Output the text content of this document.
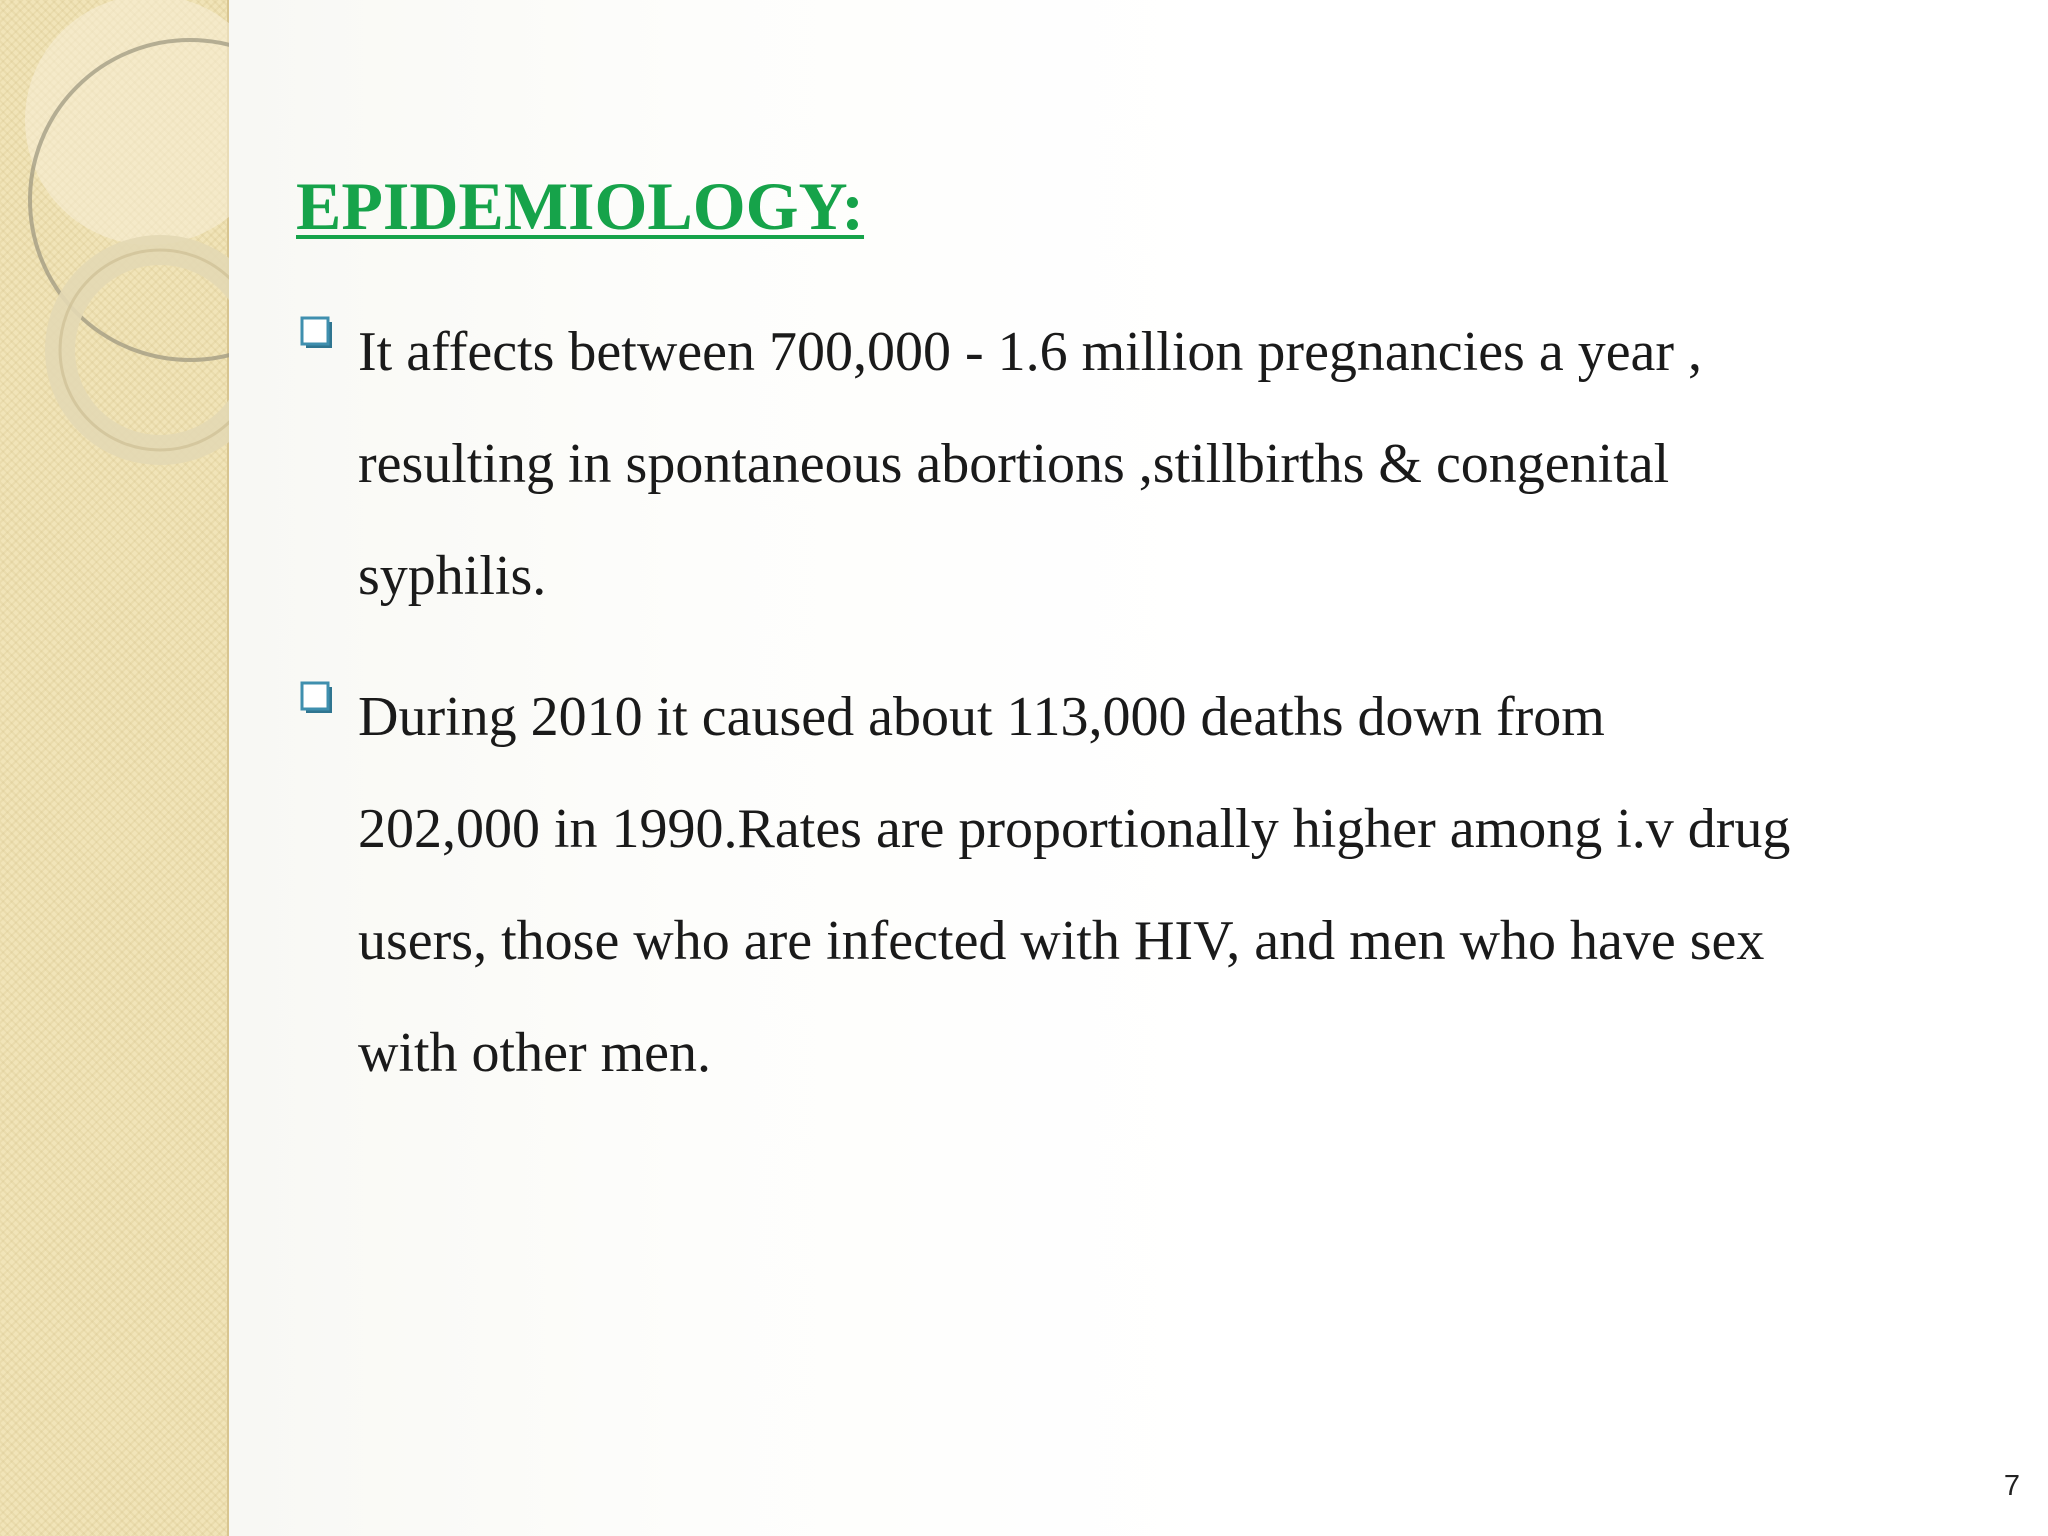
EPIDEMIOLOGY:
It affects between 700,000 - 1.6 million pregnancies a year , resulting in spontaneous abortions ,stillbirths & congenital syphilis.
During 2010 it caused about 113,000 deaths down from 202,000 in 1990.Rates are proportionally higher among i.v drug users, those who are infected with HIV, and men who have sex with other men.
7
